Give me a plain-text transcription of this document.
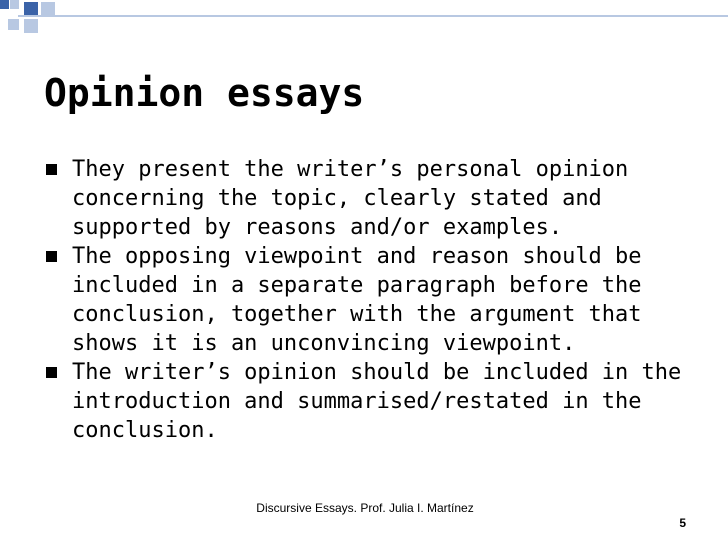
Opinion essays
They present the writer’s personal opinion concerning the topic, clearly stated and supported by reasons and/or examples.
The opposing viewpoint and reason should be included in a separate paragraph before the conclusion, together with the argument that shows it is an unconvincing viewpoint.
The writer’s opinion should be included in the introduction and summarised/restated in the conclusion.
Discursive Essays. Prof. Julia I. Martínez
5
